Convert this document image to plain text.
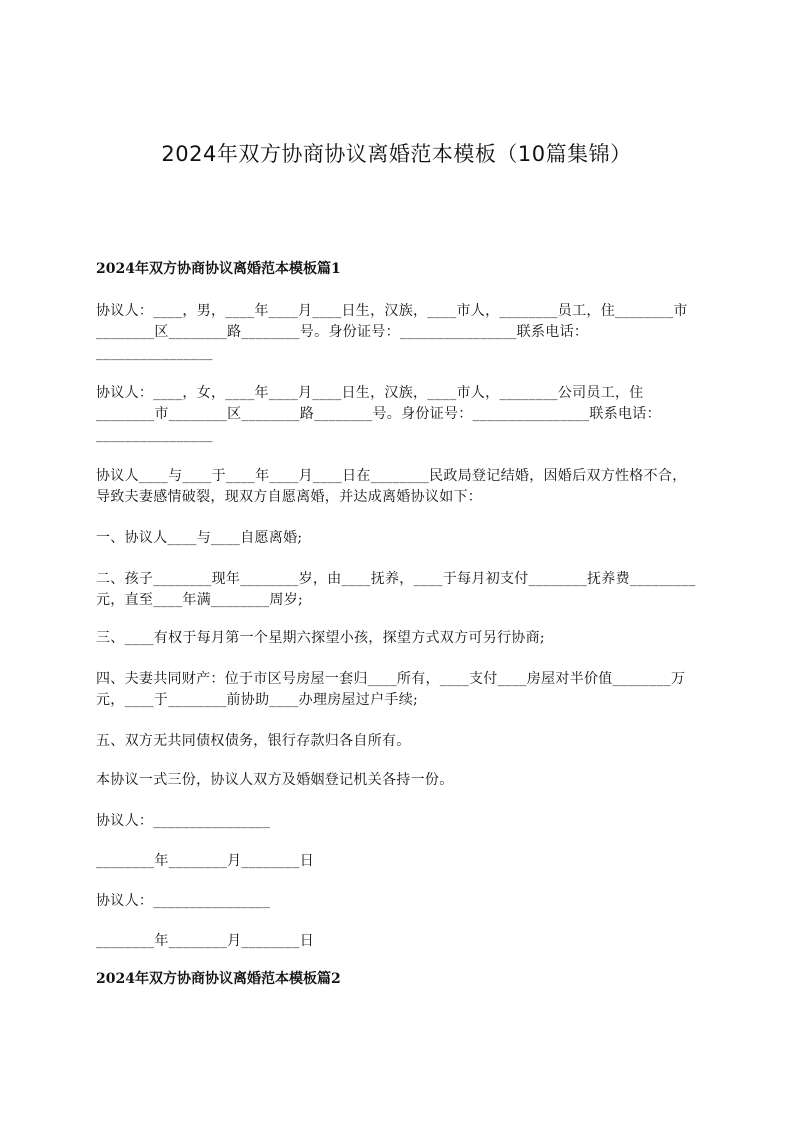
2024年双方协商协议离婚范本模板（10篇集锦）
2024年双方协商协议离婚范本模板篇1

协议人：____，男，____年____月____日生，汉族，____市人，________员工，住________市________区________路________号。身份证号：________________联系电话：________________

协议人：____，女，____年____月____日生，汉族，____市人，________公司员工，住________市________区________路________号。身份证号：________________联系电话：________________

协议人____与____于____年____月____日在________民政局登记结婚，因婚后双方性格不合，导致夫妻感情破裂，现双方自愿离婚，并达成离婚协议如下：

一、协议人____与____自愿离婚;

二、孩子________现年________岁，由____抚养，____于每月初支付________抚养费_________元，直至____年满________周岁;

三、____有权于每月第一个星期六探望小孩，探望方式双方可另行协商;

四、夫妻共同财产：位于市区号房屋一套归____所有，____支付____房屋对半价值________万元，____于________前协助____办理房屋过户手续;

五、双方无共同债权债务，银行存款归各自所有。

本协议一式三份，协议人双方及婚姻登记机关各持一份。

协议人：________________

________年________月________日

协议人：________________

________年________月________日

2024年双方协商协议离婚范本模板篇2
